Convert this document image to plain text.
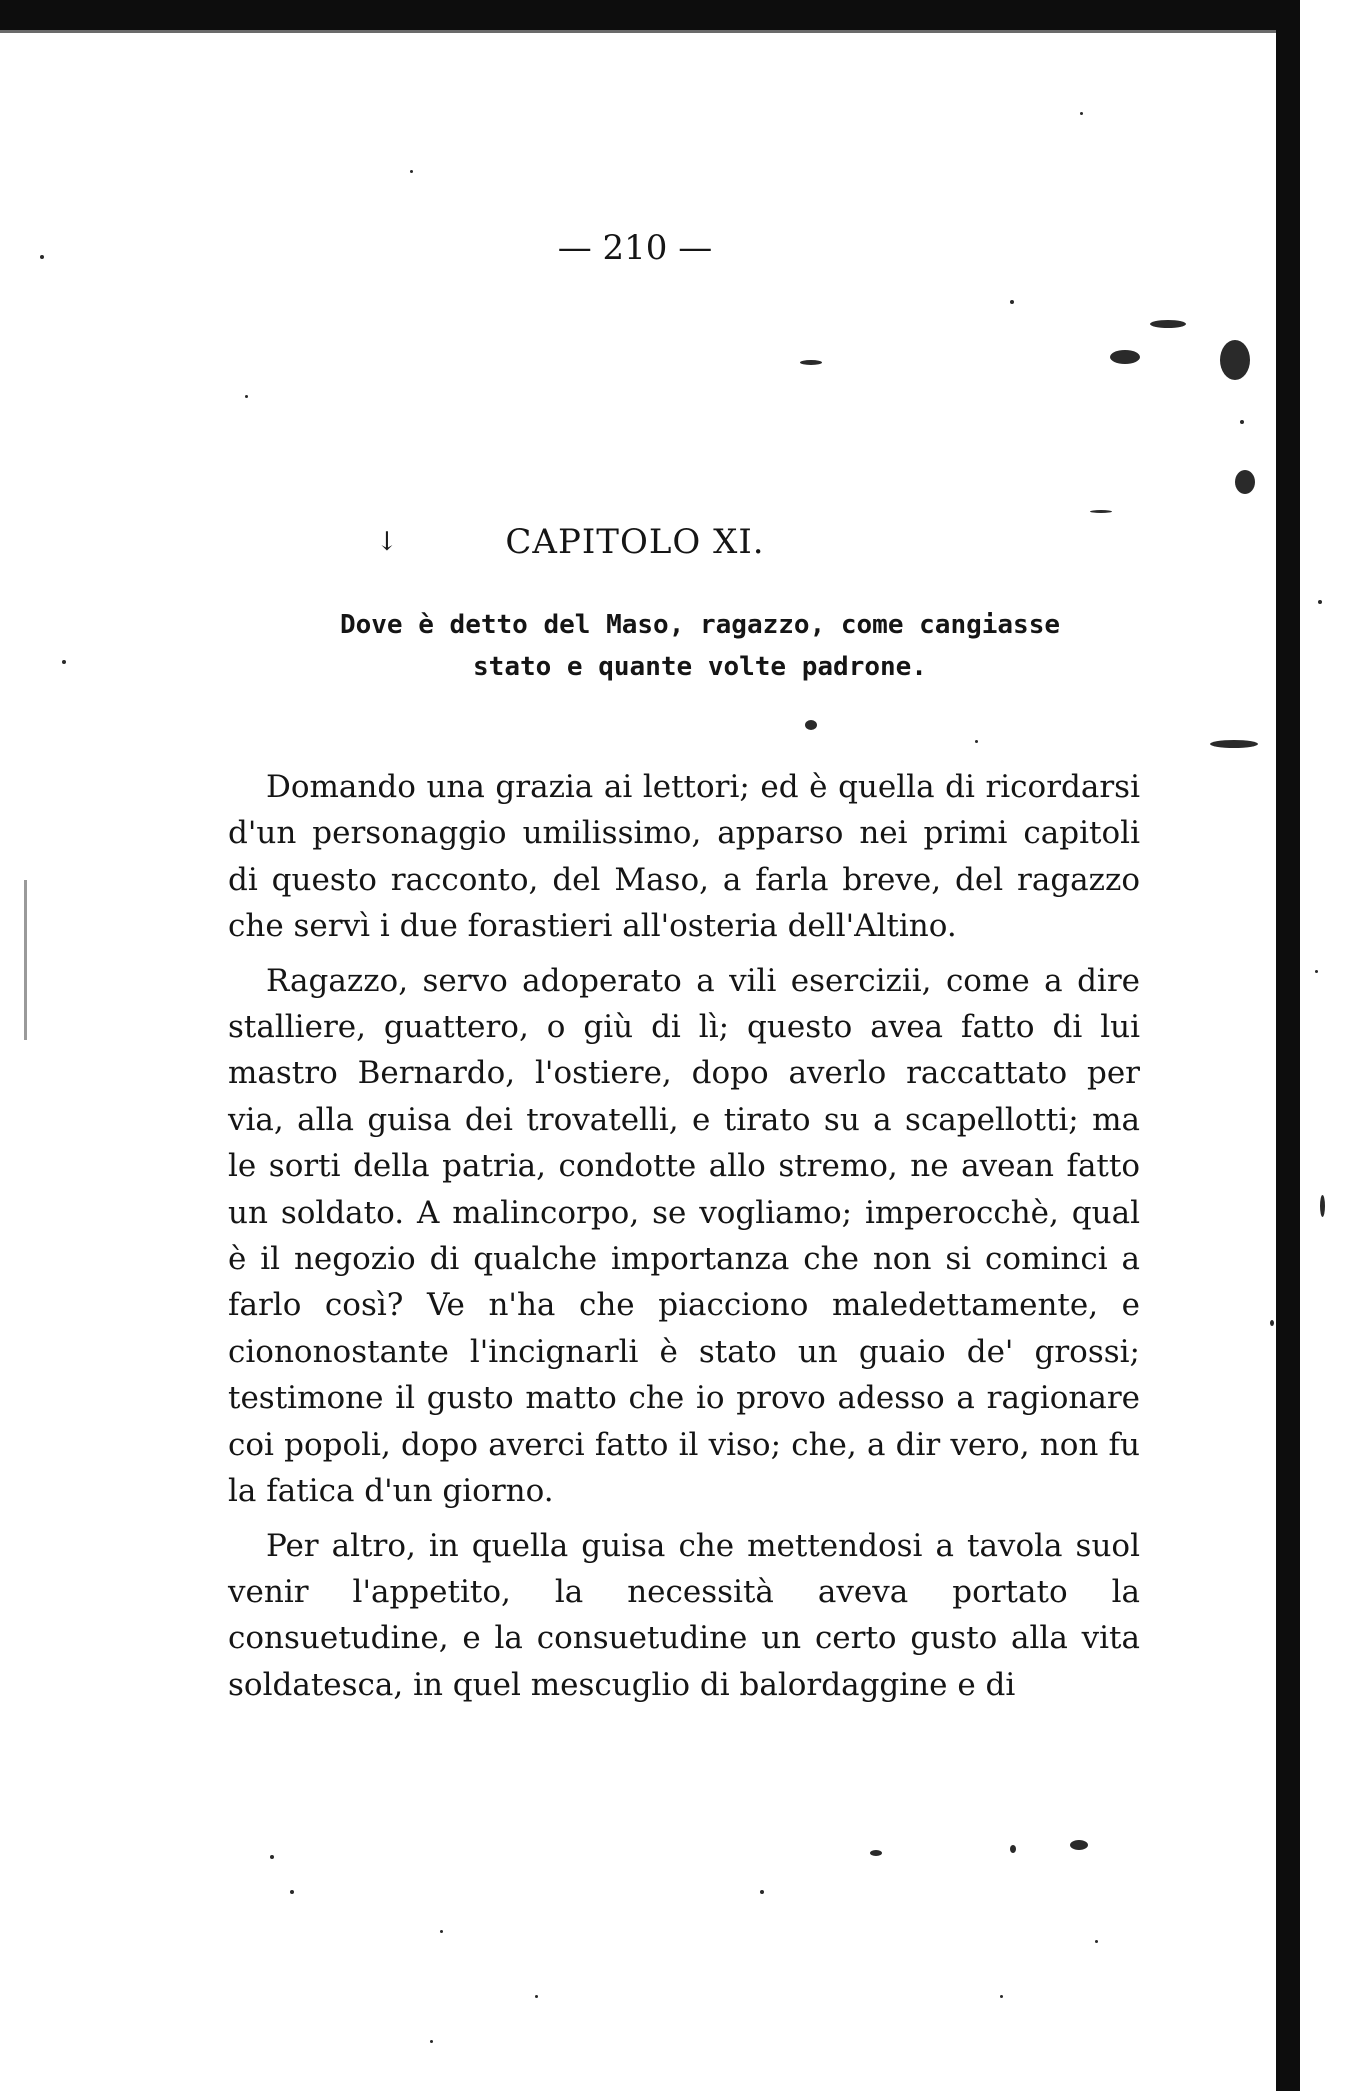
— 210 —
↓	CAPITOLO XI.
Dove è detto del Maso, ragazzo, come cangiasse
stato e quante volte padrone.

Domando una grazia ai lettori; ed è quella di ricordarsi d'un personaggio umilissimo, apparso nei primi capitoli di questo racconto, del Maso, a farla breve, del ragazzo che servì i due forastieri all'osteria dell'Altino.

Ragazzo, servo adoperato a vili esercizii, come a dire stalliere, guattero, o giù di lì; questo avea fatto di lui mastro Bernardo, l'ostiere, dopo averlo raccattato per via, alla guisa dei trovatelli, e tirato su a scapellotti; ma le sorti della patria, condotte allo stremo, ne avean fatto un soldato. A malincorpo, se vogliamo; imperocchè, qual è il negozio di qualche importanza che non si cominci a farlo così? Ve n'ha che piacciono maledettamente, e ciononostante l'incignarli è stato un guaio de' grossi; testimone il gusto matto che io provo adesso a ragionare coi popoli, dopo averci fatto il viso; che, a dir vero, non fu la fatica d'un giorno.

Per altro, in quella guisa che mettendosi a tavola suol venir l'appetito, la necessità aveva portato la consuetudine, e la consuetudine un certo gusto alla vita soldatesca, in quel mescuglio di balordaggine e di
